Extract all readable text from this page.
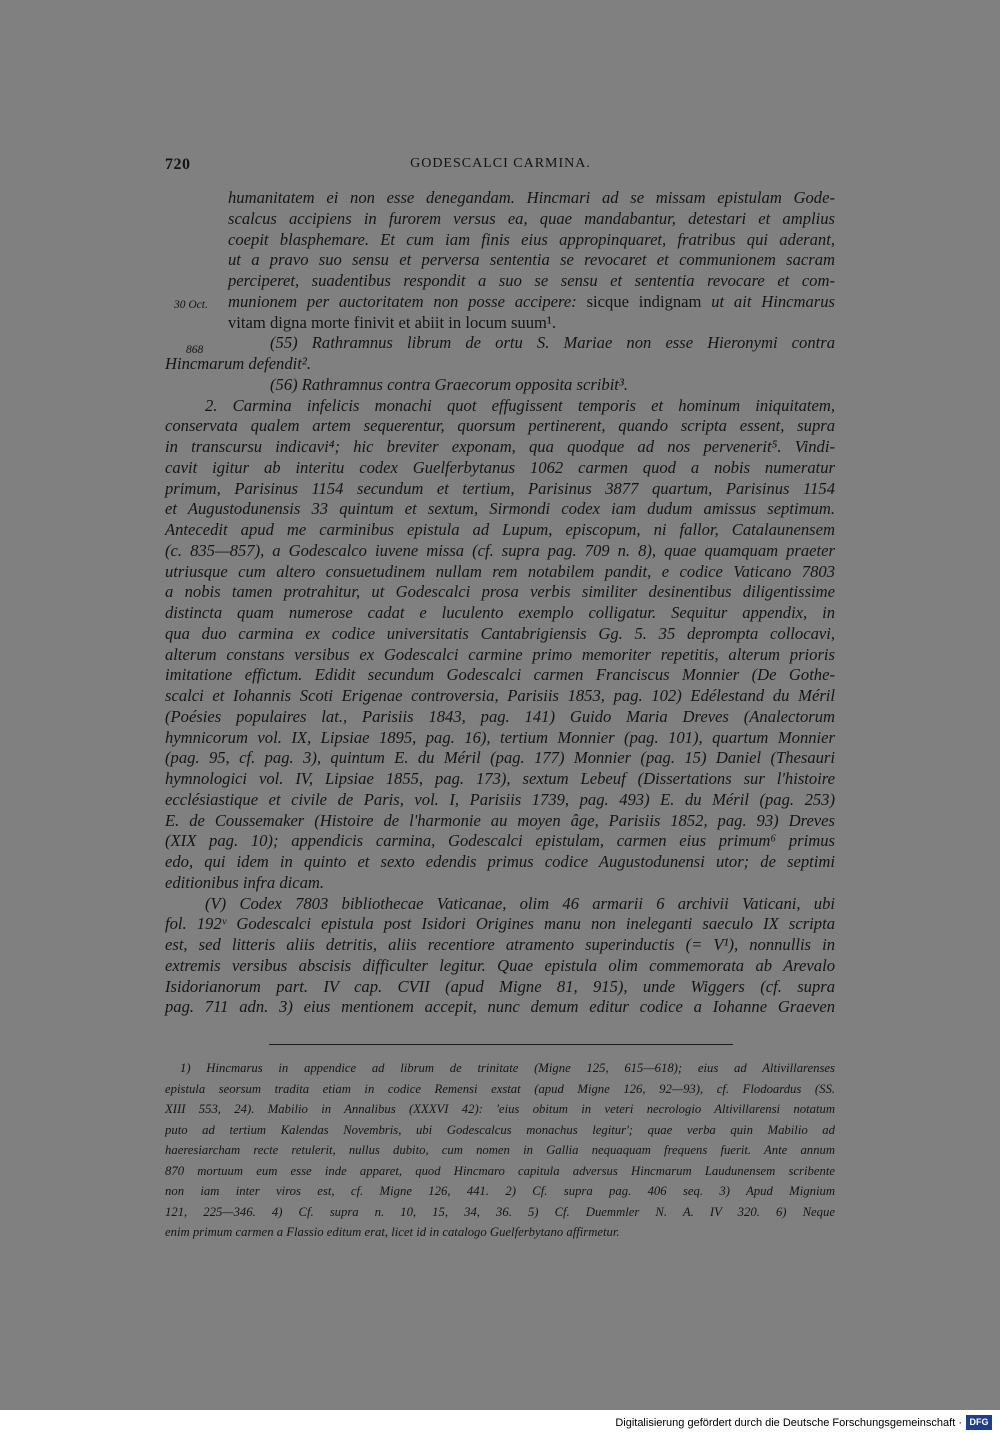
720	GODESCALCI CARMINA.
30 Oct.
868
humanitatem ei non esse denegandam. Hincmari ad se missam epistulam Gode-
scalcus accipiens in furorem versus ea, quae mandabantur, detestari et amplius
coepit blasphemare. Et cum iam finis eius appropinquaret, fratribus qui aderant,
ut a pravo suo sensu et perversa sententia se revocaret et communionem sacram
perciperet, suadentibus respondit a suo se sensu et sententia revocare et com-
munionem per auctoritatem non posse accipere: sicque indignam ut ait Hincmarus
vitam digna morte finivit et abiit in locum suum¹.
(55) Rathramnus librum de ortu S. Mariae non esse Hieronymi contra
Hincmarum defendit².
(56) Rathramnus contra Graecorum opposita scribit³.
2. Carmina infelicis monachi quot effugissent temporis et hominum iniquitatem,
conservata qualem artem sequerentur, quorsum pertinerent, quando scripta essent, supra
in transcursu indicavi⁴; hic breviter exponam, qua quodque ad nos pervenerit⁵. Vindi-
cavit igitur ab interitu codex Guelferbytanus 1062 carmen quod a nobis numeratur
primum, Parisinus 1154 secundum et tertium, Parisinus 3877 quartum, Parisinus 1154
et Augustodunensis 33 quintum et sextum, Sirmondi codex iam dudum amissus septimum.
Antecedit apud me carminibus epistula ad Lupum, episcopum, ni fallor, Catalaunensem
(c. 835—857), a Godescalco iuvene missa (cf. supra pag. 709 n. 8), quae quamquam praeter
utriusque cum altero consuetudinem nullam rem notabilem pandit, e codice Vaticano 7803
a nobis tamen protrahitur, ut Godescalci prosa verbis similiter desinentibus diligentissime
distincta quam numerose cadat e luculento exemplo colligatur. Sequitur appendix, in
qua duo carmina ex codice universitatis Cantabrigiensis Gg. 5. 35 deprompta collocavi,
alterum constans versibus ex Godescalci carmine primo memoriter repetitis, alterum prioris
imitatione effictum. Edidit secundum Godescalci carmen Franciscus Monnier (De Gothe-
scalci et Iohannis Scoti Erigenae controversia, Parisiis 1853, pag. 102) Edélestand du Méril
(Poésies populaires lat., Parisiis 1843, pag. 141) Guido Maria Dreves (Analectorum
hymnicorum vol. IX, Lipsiae 1895, pag. 16), tertium Monnier (pag. 101), quartum Monnier
(pag. 95, cf. pag. 3), quintum E. du Méril (pag. 177) Monnier (pag. 15) Daniel (Thesauri
hymnologici vol. IV, Lipsiae 1855, pag. 173), sextum Lebeuf (Dissertations sur l'histoire
ecclésiastique et civile de Paris, vol. I, Parisiis 1739, pag. 493) E. du Méril (pag. 253)
E. de Coussemaker (Histoire de l'harmonie au moyen âge, Parisiis 1852, pag. 93) Dreves
(XIX pag. 10); appendicis carmina, Godescalci epistulam, carmen eius primum⁶ primus
edo, qui idem in quinto et sexto edendis primus codice Augustodunensi utor; de septimi
editionibus infra dicam.
(V) Codex 7803 bibliothecae Vaticanae, olim 46 armarii 6 archivii Vaticani, ubi
fol. 192ᵛ Godescalci epistula post Isidori Origines manu non ineleganti saeculo IX scripta
est, sed litteris aliis detritis, aliis recentiore atramento superinductis (= V¹), nonnullis in
extremis versibus abscisis difficulter legitur. Quae epistula olim commemorata ab Arevalo
Isidorianorum part. IV cap. CVII (apud Migne 81, 915), unde Wiggers (cf. supra
pag. 711 adn. 3) eius mentionem accepit, nunc demum editur codice a Iohanne Graeven
1) Hincmarus in appendice ad librum de trinitate (Migne 125, 615—618); eius ad Altivillarenses
epistula seorsum tradita etiam in codice Remensi exstat (apud Migne 126, 92—93), cf. Flodoardus (SS.
XIII 553, 24). Mabilio in Annalibus (XXXVI 42): 'eius obitum in veteri necrologio Altivillarensi notatum
puto ad tertium Kalendas Novembris, ubi Godescalcus monachus legitur'; quae verba quin Mabilio ad
haeresiarcham recte retulerit, nullus dubito, cum nomen in Gallia nequaquam frequens fuerit. Ante annum
870 mortuum eum esse inde apparet, quod Hincmaro capitula adversus Hincmarum Laudunensem scribente
non iam inter viros est, cf. Migne 126, 441. 2) Cf. supra pag. 406 seq. 3) Apud Mignium
121, 225—346. 4) Cf. supra n. 10, 15, 34, 36. 5) Cf. Duemmler N. A. IV 320. 6) Neque
enim primum carmen a Flassio editum erat, licet id in catalogo Guelferbytano affirmetur.
Digitalisierung gefördert durch die Deutsche Forschungsgemeinschaft · DFG
